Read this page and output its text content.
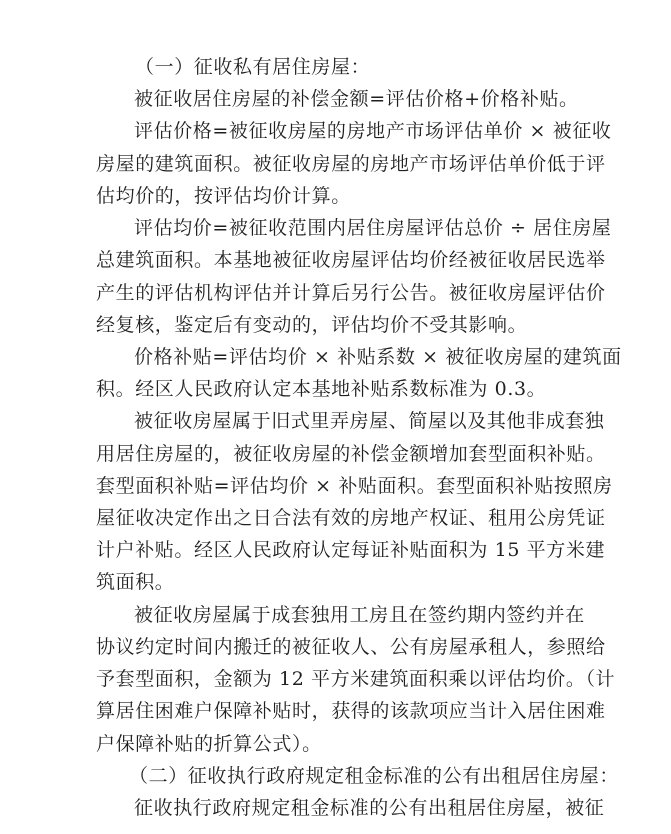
（一）征收私有居住房屋：
被征收居住房屋的补偿金额=评估价格+价格补贴。
评估价格=被征收房屋的房地产市场评估单价 × 被征收
房屋的建筑面积。被征收房屋的房地产市场评估单价低于评
估均价的，按评估均价计算。
评估均价=被征收范围内居住房屋评估总价 ÷ 居住房屋
总建筑面积。本基地被征收房屋评估均价经被征收居民选举
产生的评估机构评估并计算后另行公告。被征收房屋评估价
经复核，鉴定后有变动的，评估均价不受其影响。
价格补贴=评估均价 × 补贴系数 × 被征收房屋的建筑面
积。经区人民政府认定本基地补贴系数标准为 0.3。
被征收房屋属于旧式里弄房屋、简屋以及其他非成套独
用居住房屋的，被征收房屋的补偿金额增加套型面积补贴。
套型面积补贴=评估均价 × 补贴面积。套型面积补贴按照房
屋征收决定作出之日合法有效的房地产权证、租用公房凭证
计户补贴。经区人民政府认定每证补贴面积为 15 平方米建
筑面积。
被征收房屋属于成套独用工房且在签约期内签约并在
协议约定时间内搬迁的被征收人、公有房屋承租人，参照给
予套型面积，金额为 12 平方米建筑面积乘以评估均价。（计
算居住困难户保障补贴时，获得的该款项应当计入居住困难
户保障补贴的折算公式）。
（二）征收执行政府规定租金标准的公有出租居住房屋：
征收执行政府规定租金标准的公有出租居住房屋，被征
